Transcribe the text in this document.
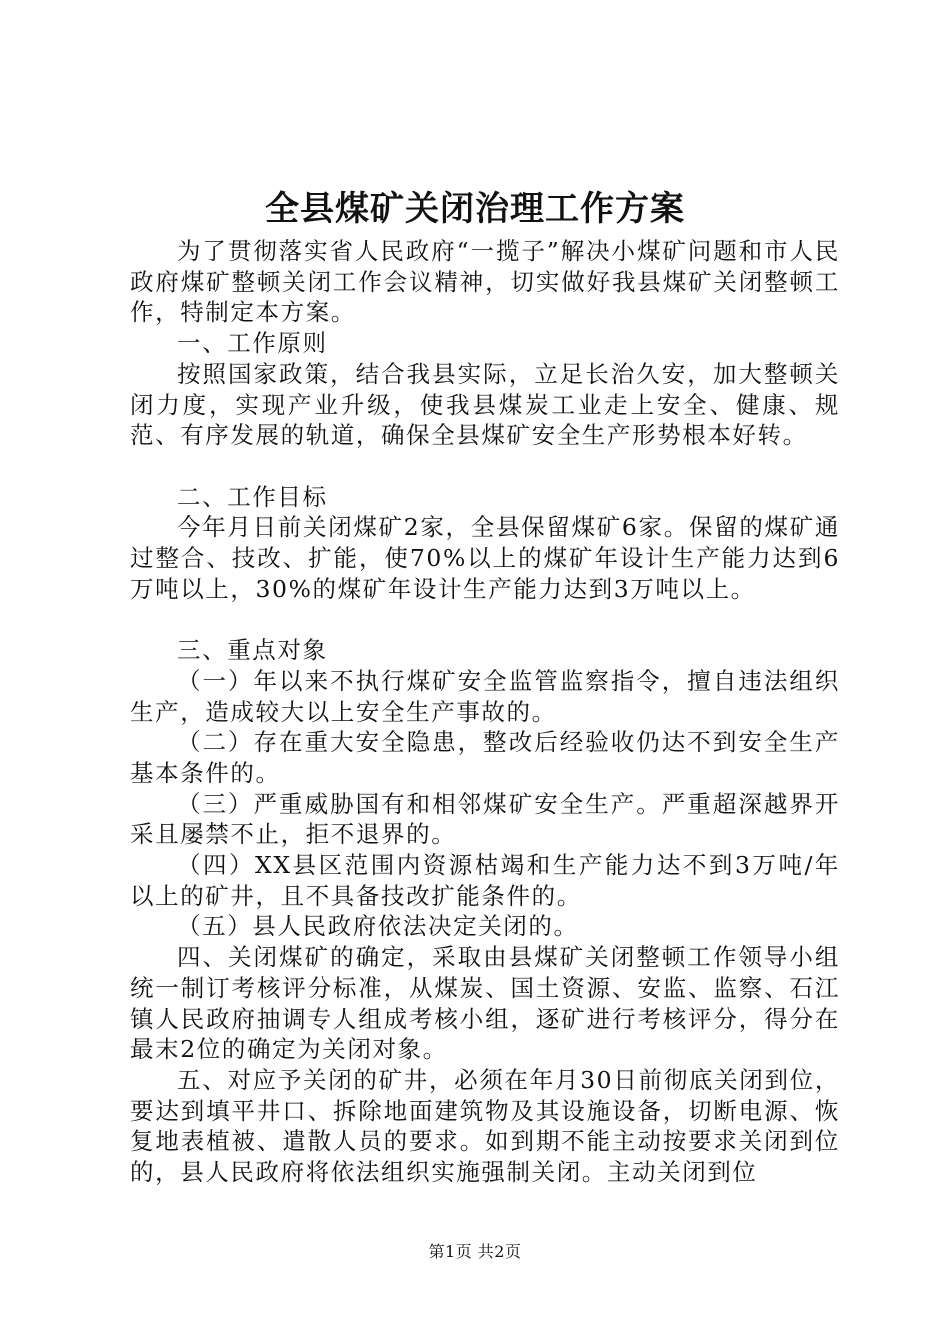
全县煤矿关闭治理工作方案

为了贯彻落实省人民政府“一揽子”解决小煤矿问题和市人民政府煤矿整顿关闭工作会议精神，切实做好我县煤矿关闭整顿工作，特制定本方案。

一、工作原则

按照国家政策，结合我县实际，立足长治久安，加大整顿关闭力度，实现产业升级，使我县煤炭工业走上安全、健康、规范、有序发展的轨道，确保全县煤矿安全生产形势根本好转。

二、工作目标

今年月日前关闭煤矿2家，全县保留煤矿6家。保留的煤矿通过整合、技改、扩能，使70%以上的煤矿年设计生产能力达到6万吨以上，30%的煤矿年设计生产能力达到3万吨以上。

三、重点对象

（一）年以来不执行煤矿安全监管监察指令，擅自违法组织生产，造成较大以上安全生产事故的。

（二）存在重大安全隐患，整改后经验收仍达不到安全生产基本条件的。

（三）严重威胁国有和相邻煤矿安全生产。严重超深越界开采且屡禁不止，拒不退界的。

（四）XX县区范围内资源枯竭和生产能力达不到3万吨/年以上的矿井，且不具备技改扩能条件的。

（五）县人民政府依法决定关闭的。

四、关闭煤矿的确定，采取由县煤矿关闭整顿工作领导小组统一制订考核评分标准，从煤炭、国土资源、安监、监察、石江镇人民政府抽调专人组成考核小组，逐矿进行考核评分，得分在最末2位的确定为关闭对象。

五、对应予关闭的矿井，必须在年月30日前彻底关闭到位，要达到填平井口、拆除地面建筑物及其设施设备，切断电源、恢复地表植被、遣散人员的要求。如到期不能主动按要求关闭到位的，县人民政府将依法组织实施强制关闭。主动关闭到位

第1页 共2页
